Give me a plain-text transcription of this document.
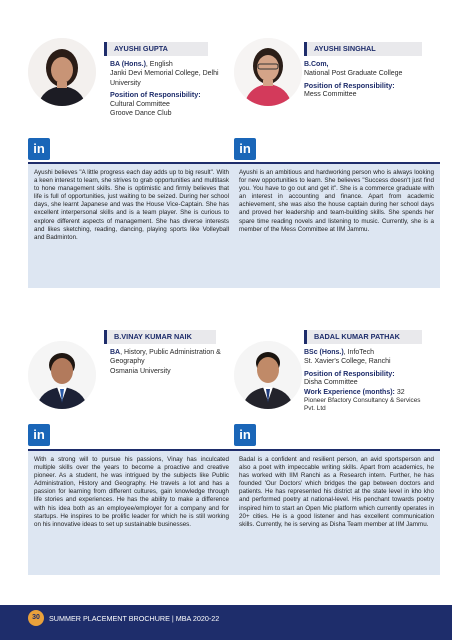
AYUSHI GUPTA
BA (Hons.), English
Janki Devi Memorial College, Delhi University
Position of Responsibility:
Cultural Committee
Groove Dance Club
in
Ayushi believes "A little progress each day adds up to big result". With a keen interest to learn, she strives to grab opportunities and multitask to hone management skills. She is optimistic and firmly believes that life is full of opportunities, just waiting to be seized. During her school days, she learnt Japanese and was the House Vice-Captain. She has excellent interpersonal skills and is a team player. She is curious to explore different aspects of management. She has diverse interests and likes sketching, reading, dancing, playing sports like Volleyball and Badminton.
AYUSHI SINGHAL
B.Com,
National Post Graduate College
Position of Responsibility:
Mess Committee
in
Ayushi is an ambitious and hardworking person who is always looking for new opportunities to learn. She believes "Success doesn't just find you. You have to go out and get it". She is a commerce graduate with an interest in accounting and finance. Apart from academic achievement, she was also the house captain during her school days and proved her leadership and team-building skills. She spends her spare time reading novels and listening to music. Currently, she is a member of the Mess Committee at IIM Jammu.
B.VINAY KUMAR NAIK
BA, History, Public Administration & Geography
Osmania University
in
With a strong will to pursue his passions, Vinay has inculcated multiple skills over the years to become a proactive and creative pioneer. As a student, he was intrigued by the subjects like Public Administration, History and Geography. He travels a lot and has a passion for learning from different cultures, gain knowledge through life stories and experiences. He has the ability to make a difference with his idea both as an employee/employer for a company and for startups. He inspires to be prolific leader for which he is still working on his innovative ideas to set up sustainable businesses.
BADAL KUMAR PATHAK
BSc (Hons.), InfoTech
St. Xavier's College, Ranchi
Position of Responsibility:
Disha Committee
Work Experience (months): 32
Pioneer Bfactory Consultancy & Services Pvt. Ltd
in
Badal is a confident and resilient person, an avid sportsperson and also a poet with impeccable writing skills. Apart from academics, he has worked with IIM Ranchi as a Research intern. Further, he has founded 'Our Doctors' which bridges the gap between doctors and patients. He has represented his district at the state level in kho kho and performed poetry at national-level. His penchant towards poetry inspired him to start an Open Mic platform which currently operates in 20+ cities. He is a good listener and has excellent communication skills. Currently, he is serving as Disha Team member at IIM Jammu.
30	SUMMER PLACEMENT BROCHURE | MBA 2020-22
